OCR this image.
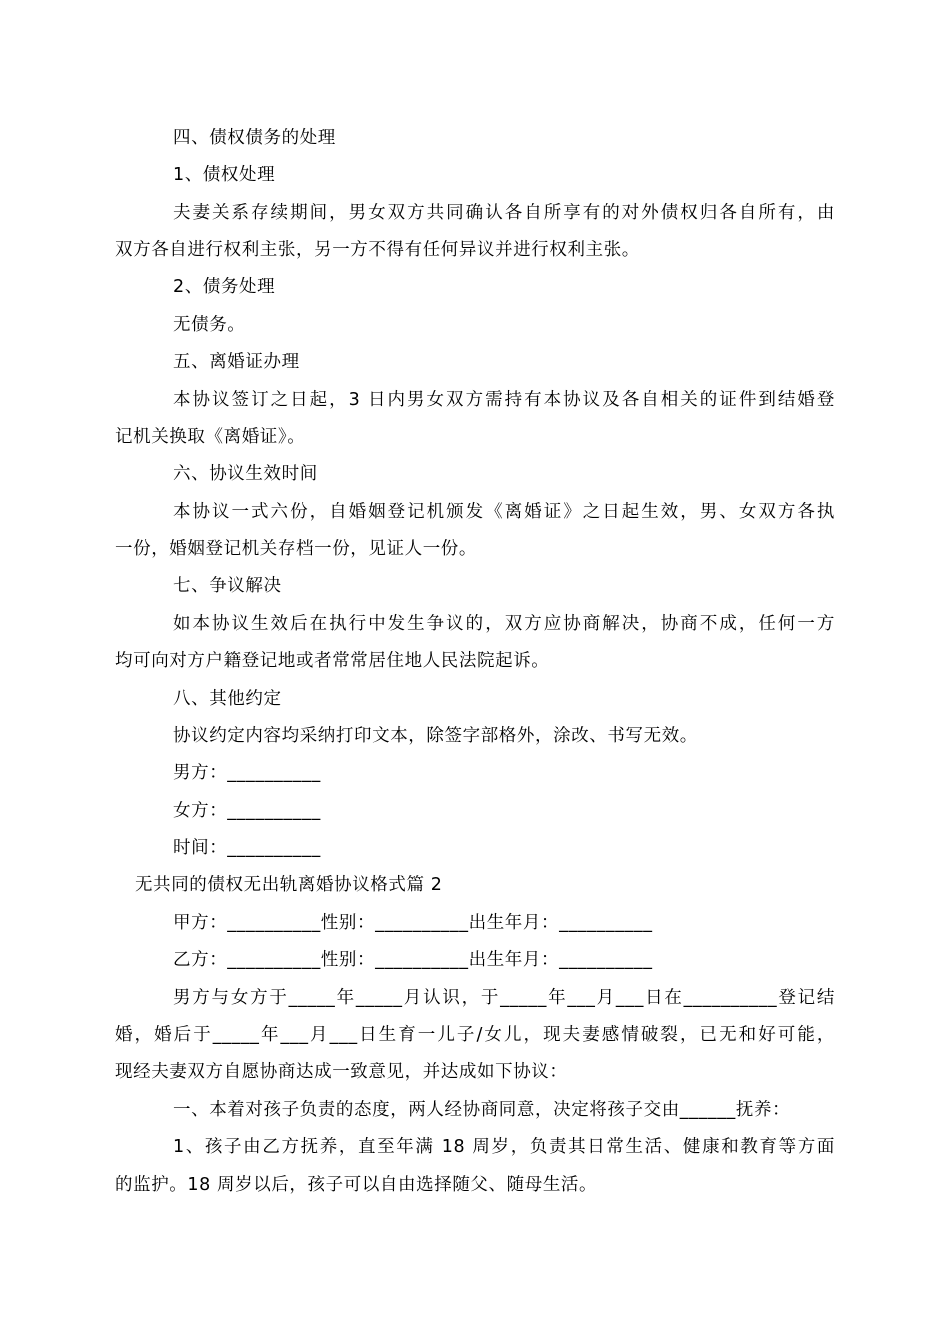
四、债权债务的处理
1、债权处理
夫妻关系存续期间，男女双方共同确认各自所享有的对外债权归各自所有，由
双方各自进行权利主张，另一方不得有任何异议并进行权利主张。
2、债务处理
无债务。
五、离婚证办理
本协议签订之日起，3 日内男女双方需持有本协议及各自相关的证件到结婚登
记机关换取《离婚证》。
六、协议生效时间
本协议一式六份，自婚姻登记机颁发《离婚证》之日起生效，男、女双方各执
一份，婚姻登记机关存档一份，见证人一份。
七、争议解决
如本协议生效后在执行中发生争议的，双方应协商解决，协商不成，任何一方
均可向对方户籍登记地或者常常居住地人民法院起诉。
八、其他约定
协议约定内容均采纳打印文本，除签字部格外，涂改、书写无效。
男方：__________
女方：__________
时间：__________
无共同的债权无出轨离婚协议格式篇 2
甲方：__________性别：__________出生年月：__________
乙方：__________性别：__________出生年月：__________
男方与女方于_____年_____月认识，于_____年___月___日在__________登记结
婚，婚后于_____年___月___日生育一儿子/女儿，现夫妻感情破裂，已无和好可能，
现经夫妻双方自愿协商达成一致意见，并达成如下协议：
一、本着对孩子负责的态度，两人经协商同意，决定将孩子交由______抚养：
1、孩子由乙方抚养，直至年满 18 周岁，负责其日常生活、健康和教育等方面
的监护。18 周岁以后，孩子可以自由选择随父、随母生活。
